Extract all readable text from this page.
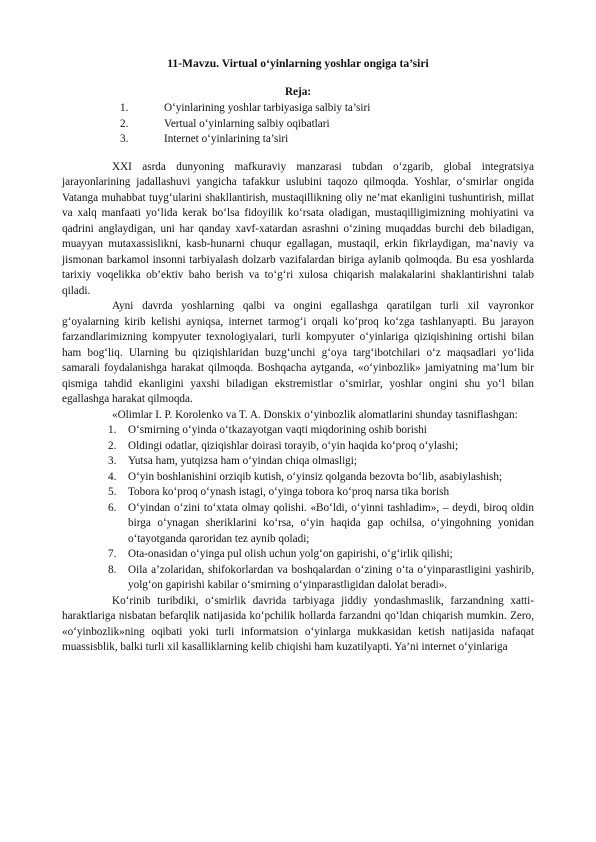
11-Mavzu. Virtual o‘yinlarning yoshlar ongiga ta’siri
Reja:
1.	O‘yinlarining yoshlar tarbiyasiga salbiy ta’siri
2.	Vertual o‘yinlarning salbiy oqibatlari
3.	Internet o‘yinlarining ta’siri

XXI asrda dunyoning mafkuraviy manzarasi tubdan o‘zgarib, global integratsiya jarayonlarining jadallashuvi yangicha tafakkur uslubini taqozo qilmoqda. Yoshlar, o‘smirlar ongida Vatanga muhabbat tuyg‘ularini shakllantirish, mustaqillikning oliy ne’mat ekanligini tushuntirish, millat va xalq manfaati yo‘lida kerak bo‘lsa fidoyilik ko‘rsata oladigan, mustaqilligimizning mohiyatini va qadrini anglaydigan, uni har qanday xavf-xatardan asrashni o‘zining muqaddas burchi deb biladigan, muayyan mutaxassislikni, kasb-hunarni chuqur egallagan, mustaqil, erkin fikrlaydigan, ma’naviy va jismonan barkamol insonni tarbiyalash dolzarb vazifalardan biriga aylanib qolmoqda. Bu esa yoshlarda tarixiy voqelikka ob’ektiv baho berish va to‘g‘ri xulosa chiqarish malakalarini shaklantirishni talab qiladi.

Ayni davrda yoshlarning qalbi va ongini egallashga qaratilgan turli xil vayronkor g‘oyalarning kirib kelishi ayniqsa, internet tarmog‘i orqali ko‘proq ko‘zga tashlanyapti. Bu jarayon farzandlarimizning kompyuter texnologiyalari, turli kompyuter o‘yinlariga qiziqishining ortishi bilan ham bog‘liq. Ularning bu qiziqishlaridan buzg‘unchi g‘oya targ‘ibotchilari o‘z maqsadlari yo‘lida samarali foydalanishga harakat qilmoqda. Boshqacha aytganda, «o‘yinbozlik» jamiyatning ma’lum bir qismiga tahdid ekanligini yaxshi biladigan ekstremistlar o‘smirlar, yoshlar ongini shu yo‘l bilan egallashga harakat qilmoqda.

«Olimlar I. P. Korolenko va T. A. Donskix o‘yinbozlik alomatlarini shunday tasniflashgan:

1.	O‘smirning o‘yinda o‘tkazayotgan vaqti miqdorining oshib borishi
2.	Oldingi odatlar, qiziqishlar doirasi torayib, o‘yin haqida ko‘proq o‘ylashi;
3.	Yutsa ham, yutqizsa ham o‘yindan chiqa olmasligi;
4.	O‘yin boshlanishini orziqib kutish, o‘yinsiz qolganda bezovta bo‘lib, asabiylashish;
5.	Tobora ko‘proq o‘ynash istagi, o‘yinga tobora ko‘proq narsa tika borish
6.	O‘yindan o‘zini to‘xtata olmay qolishi. «Bo‘ldi, o‘yinni tashladim», – deydi, biroq oldin birga o‘ynagan sheriklarini ko‘rsa, o‘yin haqida gap ochilsa, o‘yingohning yonidan o‘tayotganda qaroridan tez aynib qoladi;
7.	Ota-onasidan o‘yinga pul olish uchun yolg‘on gapirishi, o‘g‘irlik qilishi;
8.	Oila a’zolaridan, shifokorlardan va boshqalardan o‘zining o‘ta o‘yinparastligini yashirib, yolg‘on gapirishi kabilar o‘smirning o‘yinparastligidan dalolat beradi».

Ko‘rinib turibdiki, o‘smirlik davrida tarbiyaga jiddiy yondashmaslik, farzandning xatti-haraktlariga nisbatan befarqlik natijasida ko‘pchilik hollarda farzandni qo‘ldan chiqarish mumkin. Zero, «o‘yinbozlik»ning oqibati yoki turli informatsion o‘yinlarga mukkasidan ketish natijasida nafaqat muassisblik, balki turli xil kasalliklarning kelib chiqishi ham kuzatilyapti. Ya’ni internet o‘yinlariga
